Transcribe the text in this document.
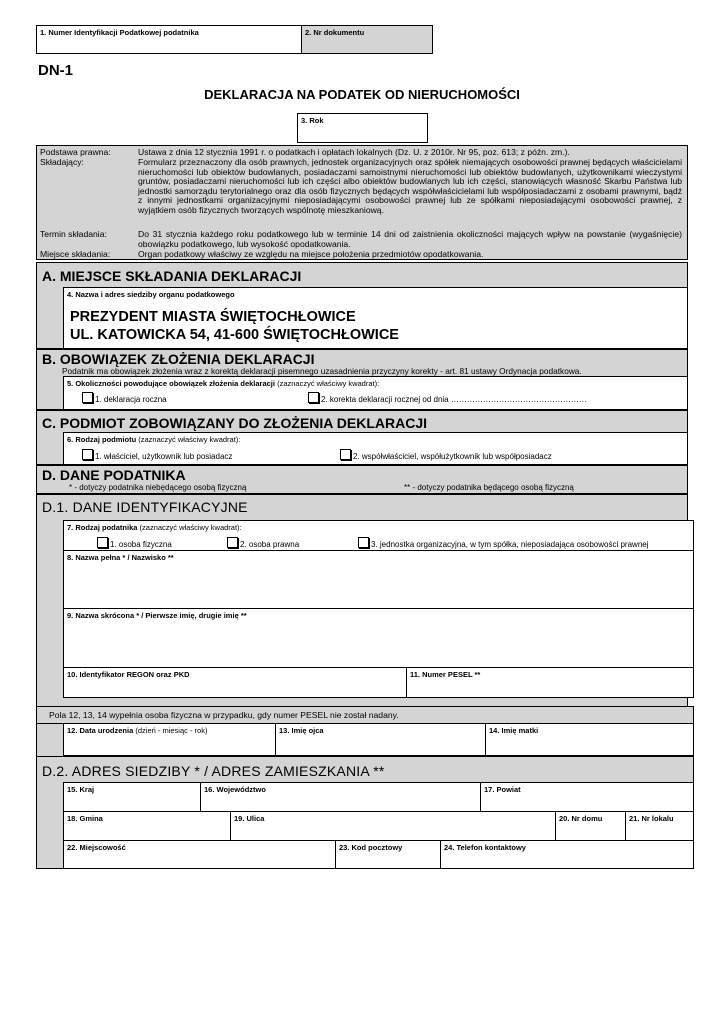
1. Numer Identyfikacji Podatkowej podatnika	2. Nr dokumentu
DN-1
DEKLARACJA NA PODATEK OD NIERUCHOMOŚCI
3. Rok
Podstawa prawna:	Ustawa z dnia 12 stycznia 1991 r. o podatkach i opłatach lokalnych (Dz. U. z 2010r. Nr 95, poz. 613; z późn. zm.).
Składający:	Formularz przeznaczony dla osób prawnych, jednostek organizacyjnych oraz spółek niemających osobowości prawnej będących właścicielami nieruchomości lub obiektów budowlanych, posiadaczami samoistnymi nieruchomości lub obiektów budowlanych, użytkownikami wieczystymi gruntów, posiadaczami nieruchomości lub ich części albo obiektów budowlanych lub ich części, stanowiących własność Skarbu Państwa lub jednostki samorządu terytorialnego oraz dla osób fizycznych będących współwłaścicielami lub współposiadaczami z osobami prawnymi, bądź z innymi jednostkami organizacyjnymi nieposiadającymi osobowości prawnej lub ze spółkami nieposiadającymi osobowości prawnej, z wyjątkiem osób fizycznych tworzących wspólnotę mieszkaniową.
Termin składania:	Do 31 stycznia każdego roku podatkowego lub w terminie 14 dni od zaistnienia okoliczności mających wpływ na powstanie (wygaśnięcie) obowiązku podatkowego, lub wysokość opodatkowania.
Miejsce składania:	Organ podatkowy właściwy ze względu na miejsce położenia przedmiotów opodatkowania.
A. MIEJSCE SKŁADANIA DEKLARACJI
4. Nazwa i adres siedziby organu podatkowego
PREZYDENT MIASTA ŚWIĘTOCHŁOWICE
UL. KATOWICKA 54, 41-600 ŚWIĘTOCHŁOWICE
B. OBOWIĄZEK ZŁOŻENIA DEKLARACJI
Podatnik ma obowiązek złożenia wraz z korektą deklaracji pisemnego uzasadnienia przyczyny korekty - art. 81 ustawy Ordynacja podatkowa.
5. Okoliczności powodujące obowiązek złożenia deklaracji (zaznaczyć właściwy kwadrat):
1. deklaracja roczna	2. korekta deklaracji rocznej od dnia ……………………………………………
C. PODMIOT ZOBOWIĄZANY DO ZŁOŻENIA DEKLARACJI
6. Rodzaj podmiotu (zaznaczyć właściwy kwadrat):
1. właściciel, użytkownik lub posiadacz	2. współwłaściciel, współużytkownik lub współposiadacz
D. DANE PODATNIKA
* - dotyczy podatnika niebędącego osobą fizyczną	** - dotyczy podatnika będącego osobą fizyczną
D.1. DANE IDENTYFIKACYJNE
7. Rodzaj podatnika (zaznaczyć właściwy kwadrat):
1. osoba fizyczna	2. osoba prawna	3. jednostka organizacyjna, w tym spółka, nieposiadająca osobowości prawnej
8. Nazwa pełna * / Nazwisko **
9. Nazwa skrócona * / Pierwsze imię, drugie imię **
10. Identyfikator REGON oraz PKD	11. Numer PESEL **
Pola 12, 13, 14 wypełnia osoba fizyczna w przypadku, gdy numer PESEL nie został nadany.
12. Data urodzenia (dzień - miesiąc - rok)	13. Imię ojca	14. Imię matki
D.2. ADRES SIEDZIBY * / ADRES ZAMIESZKANIA **
15. Kraj	16. Województwo	17. Powiat
18. Gmina	19. Ulica	20. Nr domu	21. Nr lokalu
22. Miejscowość	23. Kod pocztowy	24. Telefon kontaktowy
